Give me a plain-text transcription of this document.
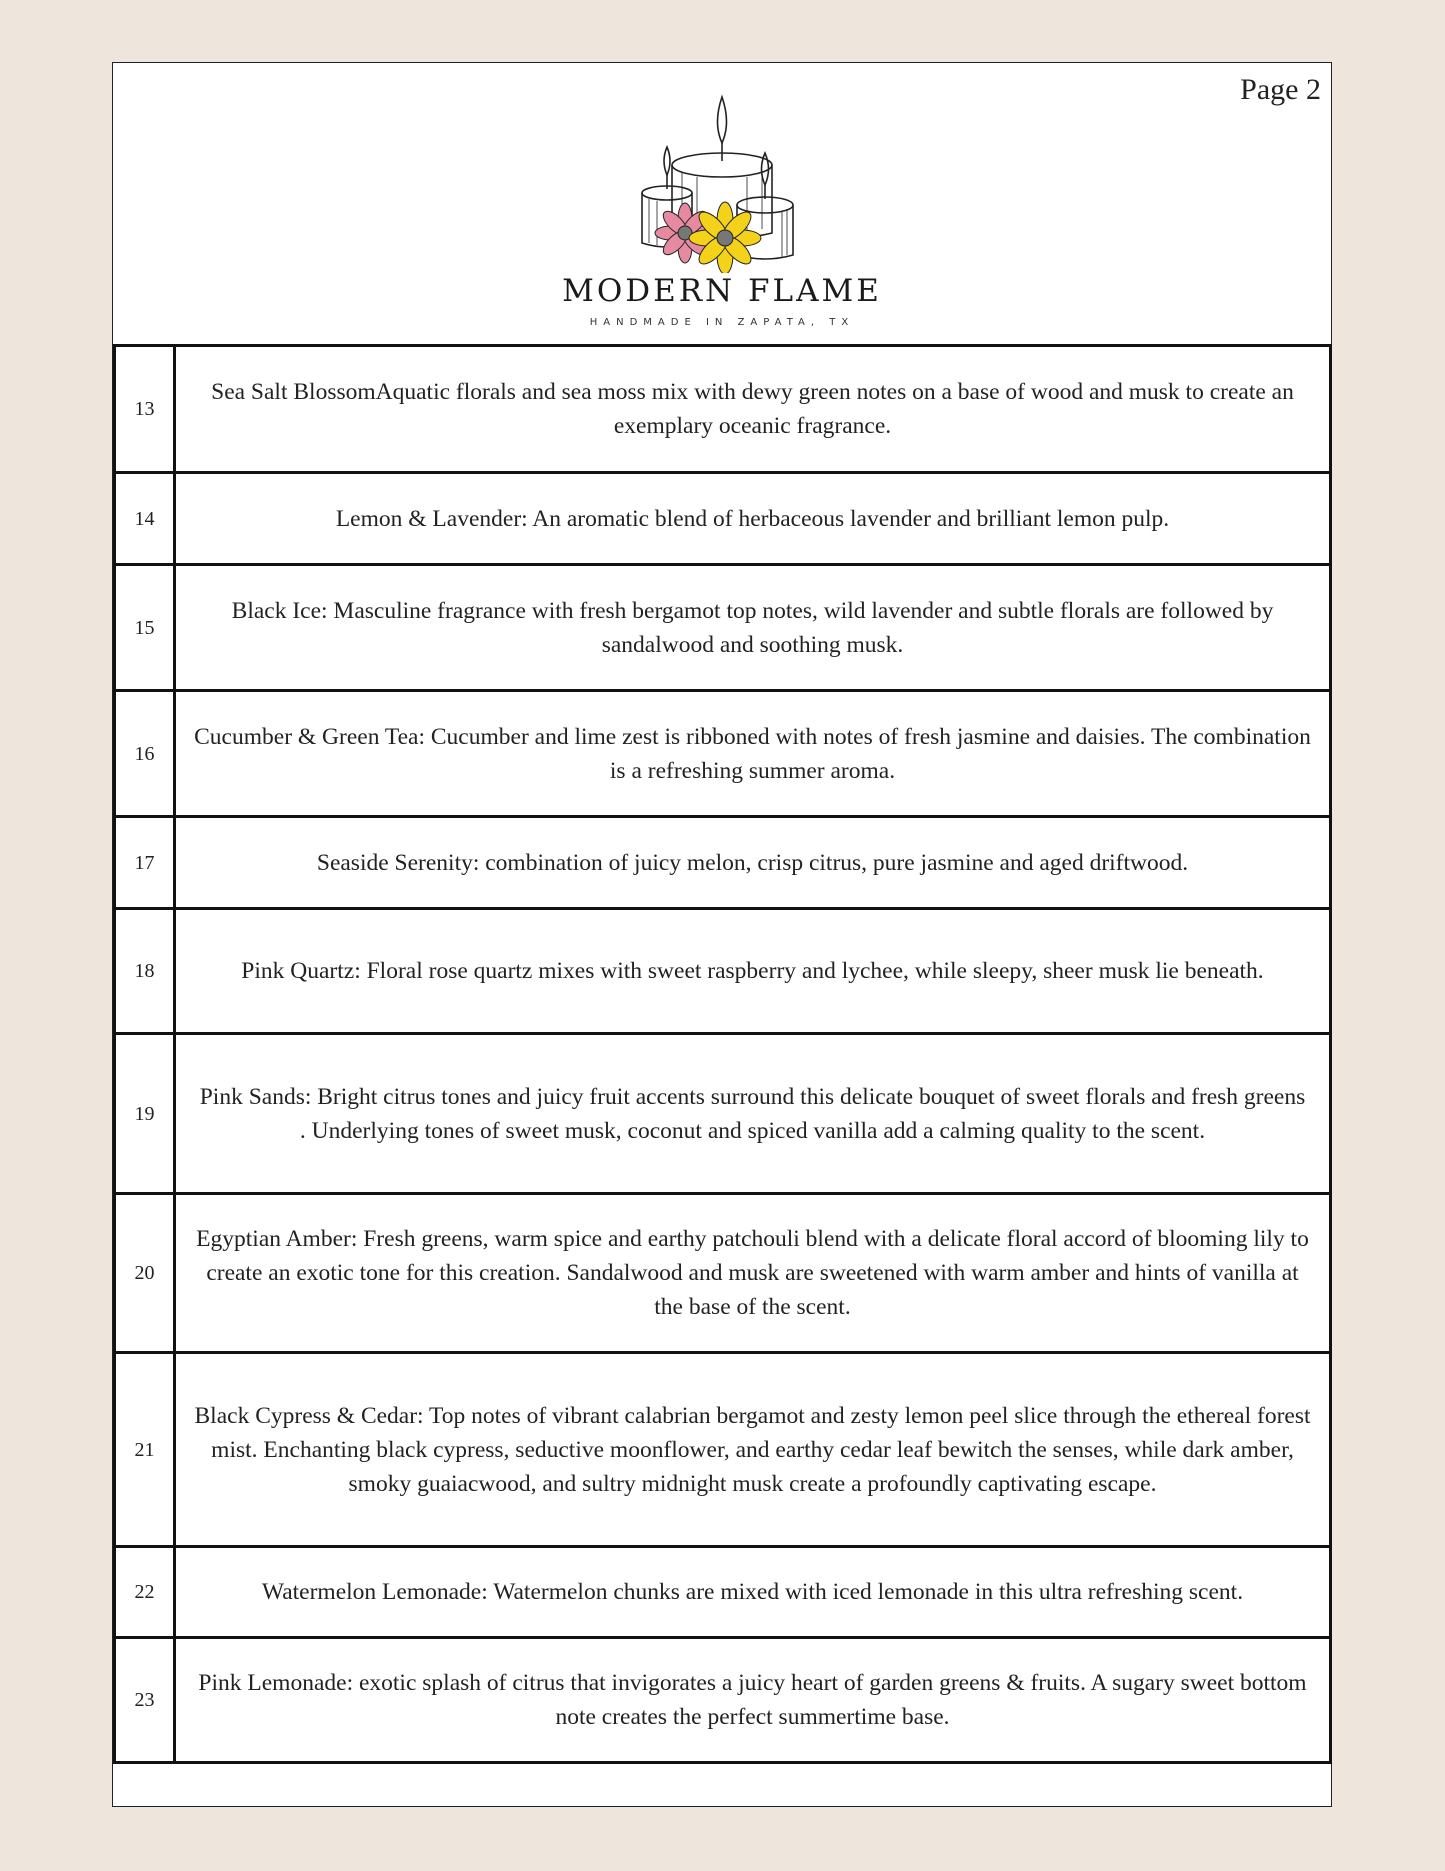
Page 2
MODERN FLAME
HANDMADE IN ZAPATA, TX
13	Sea Salt BlossomAquatic florals and sea moss mix with dewy green notes on a base of wood and musk to create an exemplary oceanic fragrance.
14	Lemon & Lavender: An aromatic blend of herbaceous lavender and brilliant lemon pulp.
15	Black Ice: Masculine fragrance with fresh bergamot top notes, wild lavender and subtle florals are followed by sandalwood and soothing musk.
16	Cucumber & Green Tea: Cucumber and lime zest is ribboned with notes of fresh jasmine and daisies. The combination is a refreshing summer aroma.
17	Seaside Serenity: combination of juicy melon, crisp citrus, pure jasmine and aged driftwood.
18	Pink Quartz: Floral rose quartz mixes with sweet raspberry and lychee, while sleepy, sheer musk lie beneath.
19	Pink Sands: Bright citrus tones and juicy fruit accents surround this delicate bouquet of sweet florals and fresh greens . Underlying tones of sweet musk, coconut and spiced vanilla add a calming quality to the scent.
20	Egyptian Amber: Fresh greens, warm spice and earthy patchouli blend with a delicate floral accord of blooming lily to create an exotic tone for this creation. Sandalwood and musk are sweetened with warm amber and hints of vanilla at the base of the scent.
21	Black Cypress & Cedar: Top notes of vibrant calabrian bergamot and zesty lemon peel slice through the ethereal forest mist. Enchanting black cypress, seductive moonflower, and earthy cedar leaf bewitch the senses, while dark amber, smoky guaiacwood, and sultry midnight musk create a profoundly captivating escape.
22	Watermelon Lemonade: Watermelon chunks are mixed with iced lemonade in this ultra refreshing scent.
23	Pink Lemonade: exotic splash of citrus that invigorates a juicy heart of garden greens & fruits. A sugary sweet bottom note creates the perfect summertime base.
